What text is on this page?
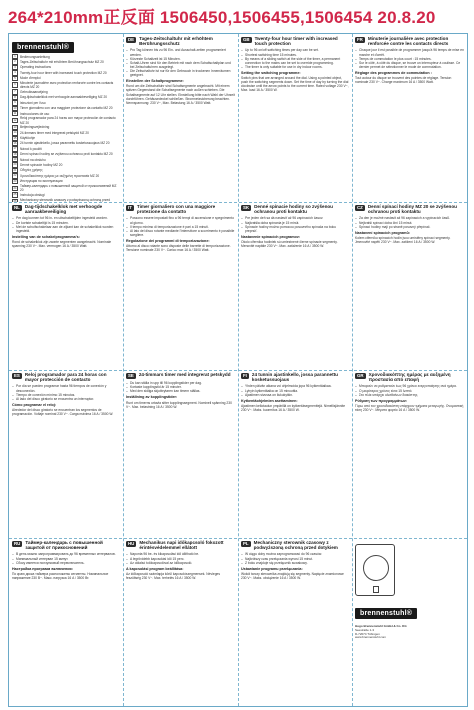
264*210mm正反面 1506450,1506455,1506454 20.8.20
brennenstuhl®
1	Bedienungsanleitung
2	Tages-Zeitschaltuhr mit erhöhtem Berührungsschutz MZ 20
3	Operating instructions
4	Twenty-four hour timer with increased touch protection MZ 20
5	Mode d'emploi
6	Minuterie journalière avec protection renforcée contre les contacts directs MZ 20
7	Gebruiksaanwijzing
8	Dag-tijdschakelklok met verhoogde aanraakbeveiliging MZ 20
9	Istruzioni per l'uso
10	Timer giornaliero con una maggiore protezione da contatto MZ 20
11	Instrucciones de uso
12	Reloj programador para 24 horas con mayor protección de contacto MZ 20
13	Betjeningsvejledning
14	24-timmars timer med integrerat petskydd MZ 20
15	Käyttöohje
16	24 tunnin ajastinkello, jossa parannettu kosketussuojaus MZ 20
17	Návod k použití
18	Denní spínací hodiny se zvýšenou ochranou proti kontaktu MZ 20
19	Návod na obsluhu
20	Denné spínacie hodiny MZ 20
21	Οδηγίες χρήσης
22	Χρονοδιακόπτης ημέρας με αυξημένη προστασία MZ 20
23	Инструкция по эксплуатации
24	Таймер-календарь с повышенной защитой от прикосновений MZ 20
25	Instrukcja obsługi
26	Mechaniczny sterownik czasowy z podwyższoną ochroną przed
DE	Tages-Zeitschaltuhr mit erhöhtem Berührungsschutz
– Pro Tag können bis zu 96 Ein- und Ausschalt-zeiten programmiert werden.
– Kürzeste Schaltzeit ist 15 Minuten.
– Schalt-Uhren sind für den Betrieb mit nach dem Schaltschaltplan und bei Zeitschaltuhren ausgelegt.
– Die Zeitschaltuhr ist nur für den Gebrauch in trockenen Innenräumen geeignet.
Einstellen der Schaltprogramme:
Rund um die Zeitschaltuhr sind Schaltsegmente angebracht. Mit einem spitzen Gegenstand die Schaltsegmente nach außen schieben. Die Schaltsegmente auf 12 Uhr stellen. Einstellung bitte nach Wahl der Uhrzeit durchführen. Gehäusedeckel schließen. Stromnetzsicherung beachten. Nennspannung: 230 V~, Max. Belastung 16 A / 3500 Watt.
GB	Twenty-four hour timer with increased touch protection
– Up to 96 on/off switching times per day can be set.
– Shortest switching time 15 minutes.
– By means of a sliding switch at the side of the timer, a permanent connection to the mains can be set to override programming.
– The timer is only suitable for use in dry indoor rooms.
Setting the switching programme:
Switch pins that are arranged around the dial. Using a pointed object, push the switching segments down. Set the time of day by turning the dial clockwise until the arrow points to the current time. Rated voltage 230 V~, Max. load 16 A / 3500 W.
FR	Minuterie journalière avec protection renforcée contre les contacts directs
– Chaque jour il est possible de programmer jusqu'à 96 temps de mise en marche et d'arrêt.
– Temps de commutation le plus court : 15 minutes.
– Sur le côté, à côté du disque, se trouve un interrupteur à coulisse. Ce dernier permet de sélectionner le mode de commutation.
Réglage des programmes de commutation :
Tout autour du disque se trouvent des pointes de réglage. Tension nominale 230 V~. Charge maximum 16 A / 3500 Watt.
NL	Dag-tijdschakelklok met verhoogde aanraakbeveiliging
– Per dag kunnen tot 96 in- en uitschakeltijden ingesteld worden.
– De kortste schakeltijd is 15 minuten.
– Met de schuifschakelaar aan de zijkant kan de schakelklok worden ingesteld.
Instelling van de schakelprogramma's:
Rond de schakelklok zijn zwarte segmenten aangebracht. Nominale spanning 230 V~. Max. vermogen 16 A / 3500 Watt.
IT	Timer giornaliero con una maggiore protezione da contatto
– Possono essere impostati fino a 96 tempi di accensione e spegnimento al giorno.
– Il tempo minimo di temporizzazione è pari a 15 minuti.
– Al lato del disco rotante mediante l'interruttore a scorrimento è possibile scegliere.
Regolazione dei programmi di temporizzazione:
Attorno al disco rotante sono disposte delle barrette di temporizzazione. Tensione nominale 230 V~. Carico max 16 A / 3500 Watt.
SK	Denné spínacie hodiny so zvýšenou ochranou proti kontaktu
– Pre jeden deň sa dá nastaviť až 96 zapínacích časov.
– Najkratšia doba spínania je 15 minút.
– Spínacie hodiny možno pomocou posuvného spínača na boku prepnúť.
Nastavenie spínacích programov:
Okolo ciferníka hodiniek sú umiestnené čierne spínacie segmenty. Menovité napätie 230 V~. Max. zaťaženie 16 A / 3500 W.
CZ	Denní spínací hodiny MZ 20 se zvýšenou ochranou proti kontaktu
– Za den je možné nastavit až 96 zapínacích a vypínacích časů.
– Nejkratší spínací doba činí 15 minut.
– Spínací hodiny mají po straně posuvný přepínač.
Nastavení spínacích programů:
Kolem ciferníku spínacích hodin jsou umístěny spínací segmenty. Jmenovité napětí 230 V~. Max. zatížení 16 A / 3500 W.
ES	Reloj programador para 24 horas con mayor protección de contacto
– Por día se pueden programar hasta 96 tiempos de conexión y desconexión.
– Tiempo de conexión mínimo 15 minutos.
– Al lado del disco giratorio se encuentra un interruptor.
Cómo programar el reloj:
Alrededor del disco giratorio se encuentran los segmentos de programación. Voltaje nominal 230 V~. Carga máxima 16 A / 3500 W.
SE	24-timmars timer med integrerat petskydd
– Du kan ställa in upp till 96 kopplingstider per dag.
– Kortaste kopplingstid är 15 minuter.
– Med den sidliga skjutbrytaren kan timern ställas.
Inställning av kopplingstider:
Runt om timerns urtavla sitter kopplingssegment. Nominell spänning 230 V~. Max. belastning 16 A / 3500 W.
FI	24 tunnin ajastinkello, jossa parannettu kosketussuojaus
– Yhden päivän aikana voi ohjelmoida jopa 96 kytkentäaikaa.
– Lyhyin kytkentäaika on 15 minuuttia.
– Ajastimen sivussa on liukukytkin.
Kytkentäohjelmien asettaminen:
Ajastimen kellotaulun ympärillä on kytkentäsegmenttejä. Nimellisjännite 230 V~. Maks. kuormitus 16 A / 3500 W.
GR	Χρονοδιακόπτης ημέρας με αυξημένη προστασία από επαφή
– Μπορούν να ρυθμιστούν έως 96 χρόνοι ενεργοποίησης ανά ημέρα.
– Ο μικρότερος χρόνος είναι 15 λεπτά.
– Στο πλάι υπάρχει ολισθαίνων διακόπτης.
Ρύθμιση των προγραμμάτων:
Γύρω από τον χρονοδιακόπτη υπάρχουν τμήματα μεταγωγής. Ονομαστική τάση 230 V~. Μέγιστο φορτίο 16 A / 3500 W.
RU	Таймер-календарь с повышенной защитой от прикосновений
– В день можно запрограммировать до 96 временных интервалов.
– Минимальный интервал 15 минут.
– Сбоку имеется ползунковый переключатель.
Настройка программ включения:
По краю диска таймера расположены сегменты. Номинальное напряжение 230 В~. Макс. нагрузка 16 A / 3500 Вт.
HU	Mechanikus napi időkapcsoló fokozott érintésvédelemmel ellátott
– Naponta 96 be- és kikapcsolási idő állítható be.
– A legrövidebb kapcsolási idő 15 perc.
– Az oldalsó tolókapcsolóval az időkapcsoló.
A kapcsolási program beállítása:
Az időkapcsoló számlapja körül kapcsolószegmensek. Névleges feszültség 230 V~. Max. terhelés 16 A / 3500 W.
PL	Mechaniczny sterownik czasowy z podwyższoną ochroną przed dotykiem
– W ciągu doby można zaprogramować do 96 czasów.
– Najkrótszy czas przełączania wynosi 15 minut.
– Z boku znajduje się przełącznik suwakowy.
Ustawianie programu przełączania:
Wokół tarczy sterownika znajdują się segmenty. Napięcie znamionowe 230 V~. Maks. obciążenie 16 A / 3500 W.
brennenstuhl®
Hugo Brennenstuhl GmbH & Co. KG
Seestraße 1-3
D-72074 Tübingen
www.brennenstuhl.com
